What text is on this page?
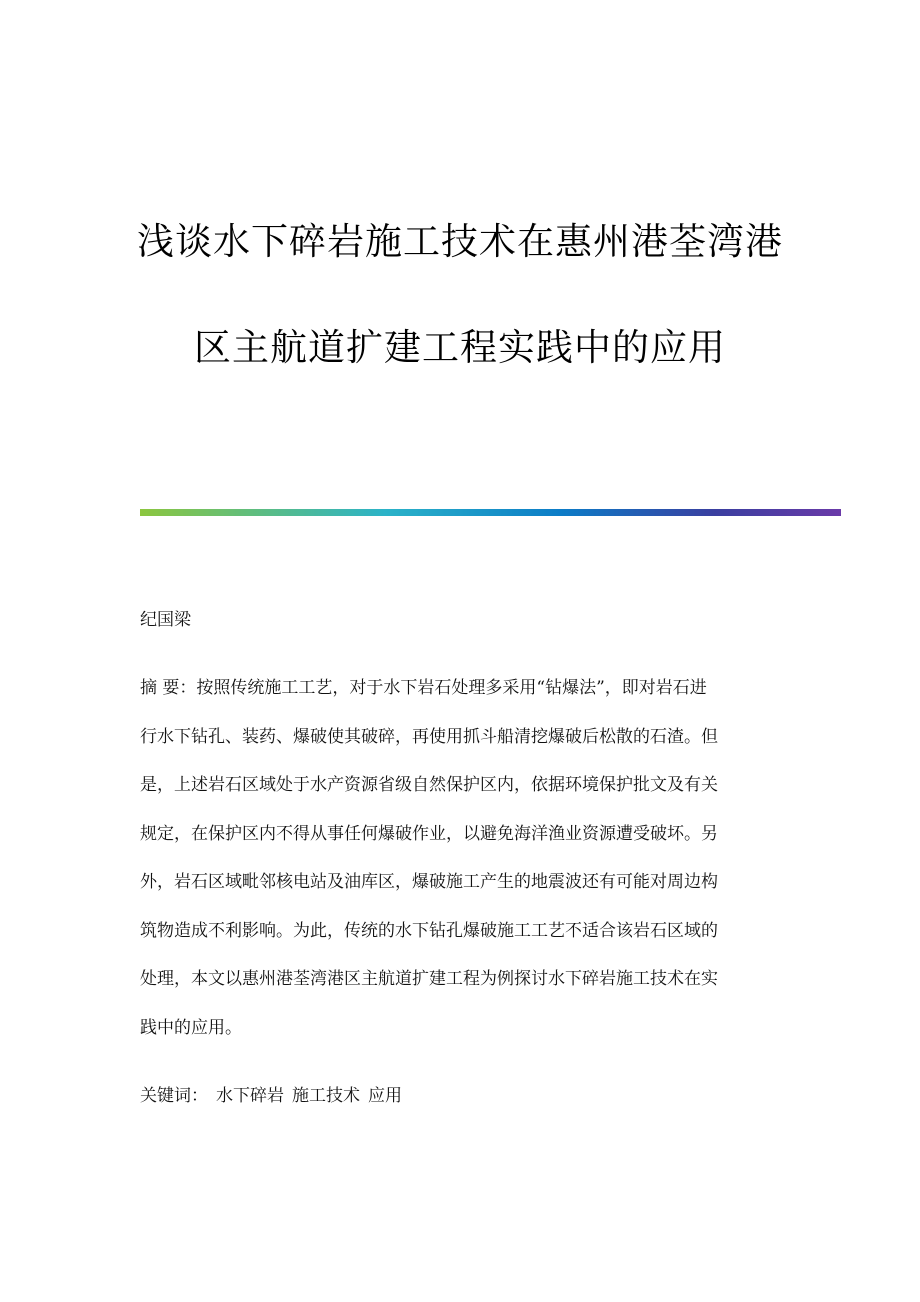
浅谈水下碎岩施工技术在惠州港荃湾港
区主航道扩建工程实践中的应用
纪国梁
摘 要：按照传统施工工艺，对于水下岩石处理多采用“钻爆法”，即对岩石进
行水下钻孔、装药、爆破使其破碎，再使用抓斗船清挖爆破后松散的石渣。但
是，上述岩石区域处于水产资源省级自然保护区内，依据环境保护批文及有关
规定，在保护区内不得从事任何爆破作业，以避免海洋渔业资源遭受破坏。另
外，岩石区域毗邻核电站及油库区，爆破施工产生的地震波还有可能对周边构
筑物造成不利影响。为此，传统的水下钻孔爆破施工工艺不适合该岩石区域的
处理，本文以惠州港荃湾港区主航道扩建工程为例探讨水下碎岩施工技术在实
践中的应用。
关键词： 水下碎岩 施工技术 应用
